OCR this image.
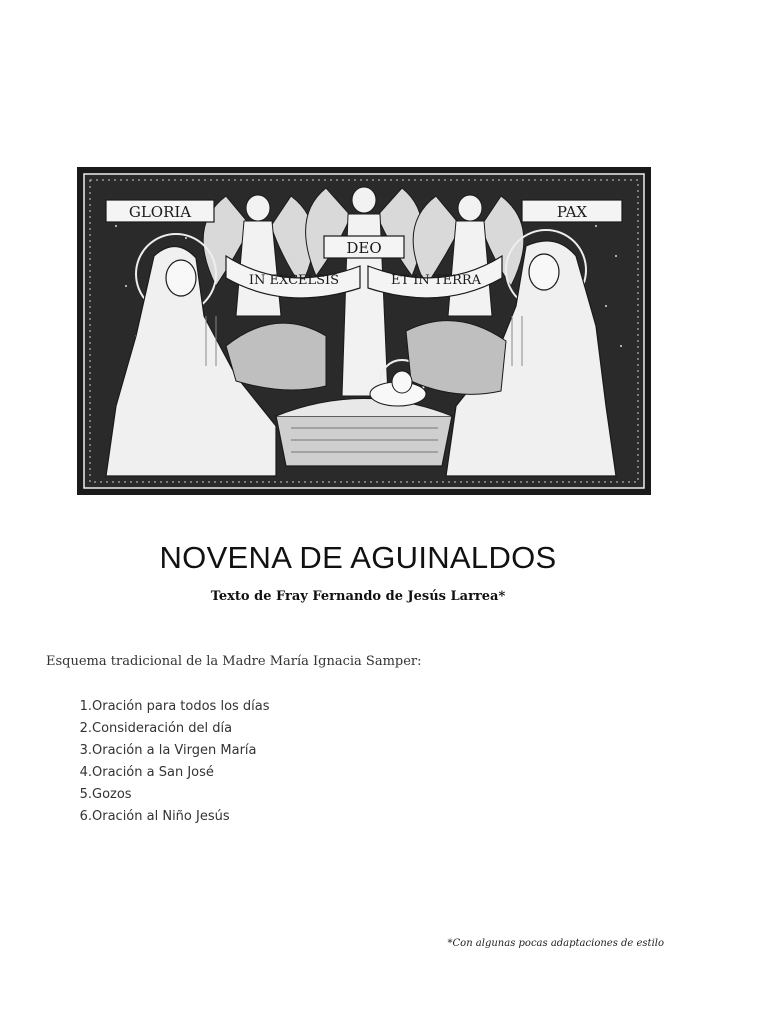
GLORIA	PAX
DEO
IN EXCELSIS	ET IN TERRA
NOVENA DE AGUINALDOS
Texto de Fray Fernando de Jesús Larrea*
Esquema tradicional de la Madre María Ignacia Samper:
1. Oración para todos los días
2. Consideración del día
3. Oración a la Virgen María
4. Oración a San José
5. Gozos
6. Oración al Niño Jesús
*Con algunas pocas adaptaciones de estilo
